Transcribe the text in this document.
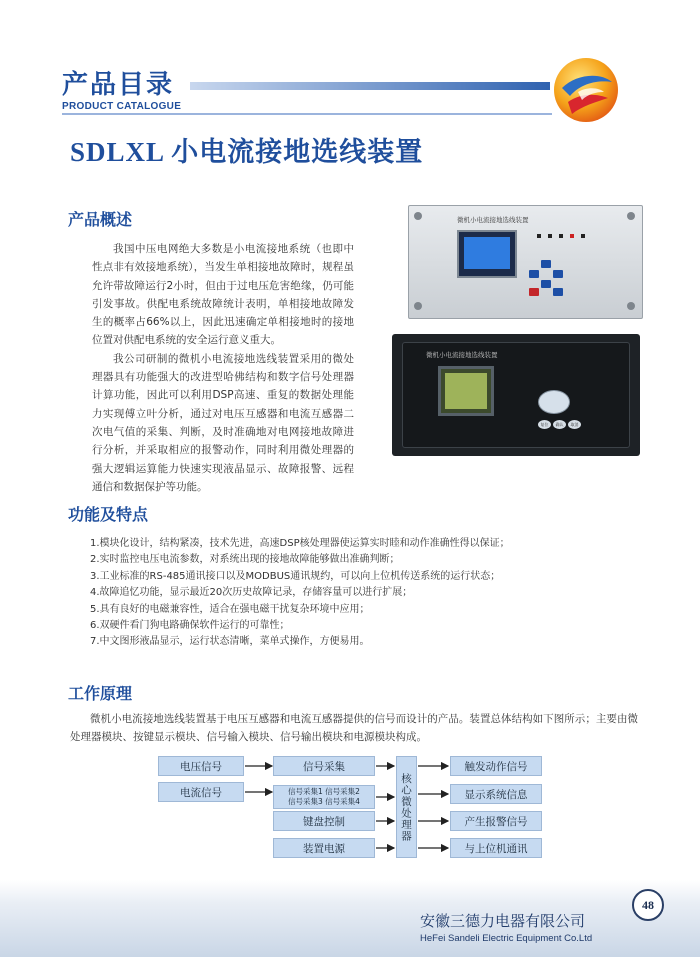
产品目录
PRODUCT CATALOGUE
SDLXL 小电流接地选线装置
产品概述

我国中压电网绝大多数是小电流接地系统（也即中性点非有效接地系统），当发生单相接地故障时，规程虽允许带故障运行2小时，但由于过电压危害绝缘，仍可能引发事故。供配电系统故障统计表明，单相接地故障发生的概率占66%以上，因此迅速确定单相接地时的接地位置对供配电系统的安全运行意义重大。

我公司研制的微机小电流接地选线装置采用的微处理器具有功能强大的改进型哈佛结构和数字信号处理器计算功能，因此可以利用DSP高速、重复的数据处理能力实现傅立叶分析，通过对电压互感器和电流互感器二次电气值的采集、判断，及时准确地对电网接地故障进行分析，并采取相应的报警动作，同时利用微处理器的强大逻辑运算能力快速实现液晶显示、故障报警、远程通信和数据保护等功能。

微机小电流接地选线装置
微机小电流接地选线装置
复位	确认	取消
功能及特点

1.模块化设计，结构紧凑，技术先进，高速DSP核处理器使运算实时睦和动作准确性得以保证；

2.实时监控电压电流参数，对系统出现的接地故障能够做出准确判断；

3.工业标准的RS-485通讯接口以及MODBUS通讯规约，可以向上位机传送系统的运行状态；

4.故障追忆功能，显示最近20次历史故障记录，存储容量可以进行扩展；

5.具有良好的电磁兼容性，适合在强电磁干扰复杂环境中应用；

6.双硬件看门狗电路确保软件运行的可靠性；

7.中文图形液晶显示，运行状态清晰，菜单式操作，方便易用。

工作原理

微机小电流接地选线装置基于电压互感器和电流互感器提供的信号而设计的产品。装置总体结构如下图所示；主要由微处理器模块、按键显示模块、信号输入模块、信号输出模块和电源模块构成。

电压信号
电流信号
信号采集
信号采集1 信号采集2
信号采集3 信号采集4
键盘控制
装置电源
核心微处理器
触发动作信号
显示系统信息
产生报警信号
与上位机通讯
48
安徽三德力电器有限公司
HeFei Sandeli Electric Equipment Co.Ltd
